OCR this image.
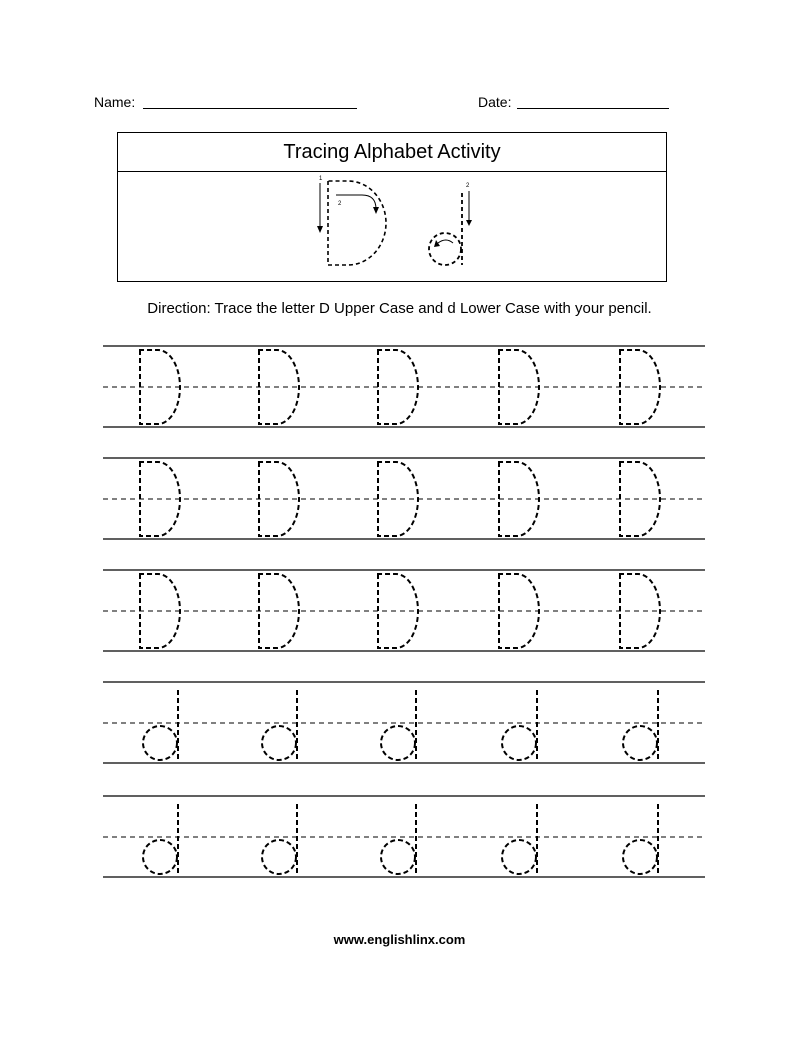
Name:	Date:
Tracing Alphabet Activity
1
2
2
Direction: Trace the letter D Upper Case and d Lower Case with your pencil.
www.englishlinx.com
